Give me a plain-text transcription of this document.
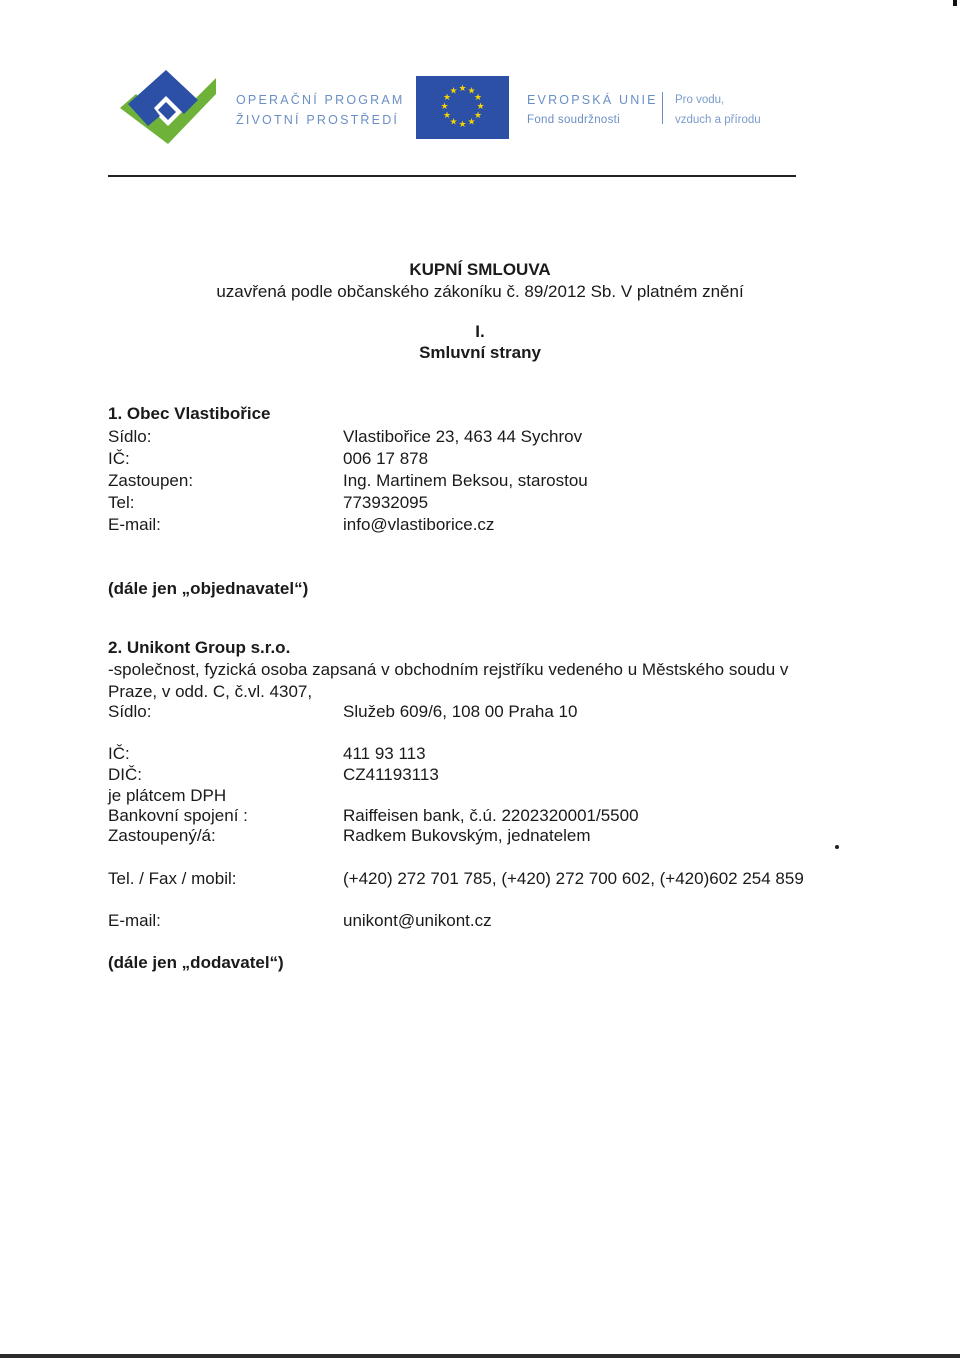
OPERAČNÍ PROGRAM
ŽIVOTNÍ PROSTŘEDÍ
★ ★
★
★
★
★
★
★
★
★
★
★
EVROPSKÁ UNIE
Fond soudržnosti
Pro vodu,
vzduch a přírodu
KUPNÍ SMLOUVA
uzavřená podle občanského zákoníku č. 89/2012 Sb. V platném znění
I.
Smluvní strany
1. Obec Vlastibořice
Sídlo:	Vlastibořice 23, 463 44 Sychrov
IČ:	006 17 878
Zastoupen:	Ing. Martinem Beksou, starostou
Tel:	773932095
E-mail:	info@vlastiborice.cz
(dále jen „objednavatel“)
2. Unikont Group s.r.o.
-společnost, fyzická osoba zapsaná v obchodním rejstříku vedeného u Městského soudu v
Praze, v odd. C, č.vl. 4307,
Sídlo:	Služeb 609/6, 108 00 Praha 10
IČ:	411 93 113
DIČ:	CZ41193113
je plátcem DPH
Bankovní spojení :	Raiffeisen bank, č.ú. 2202320001/5500
Zastoupený/á:	Radkem Bukovským, jednatelem
Tel. / Fax / mobil:	(+420) 272 701 785, (+420) 272 700 602, (+420)602 254 859
E-mail:	unikont@unikont.cz
(dále jen „dodavatel“)
